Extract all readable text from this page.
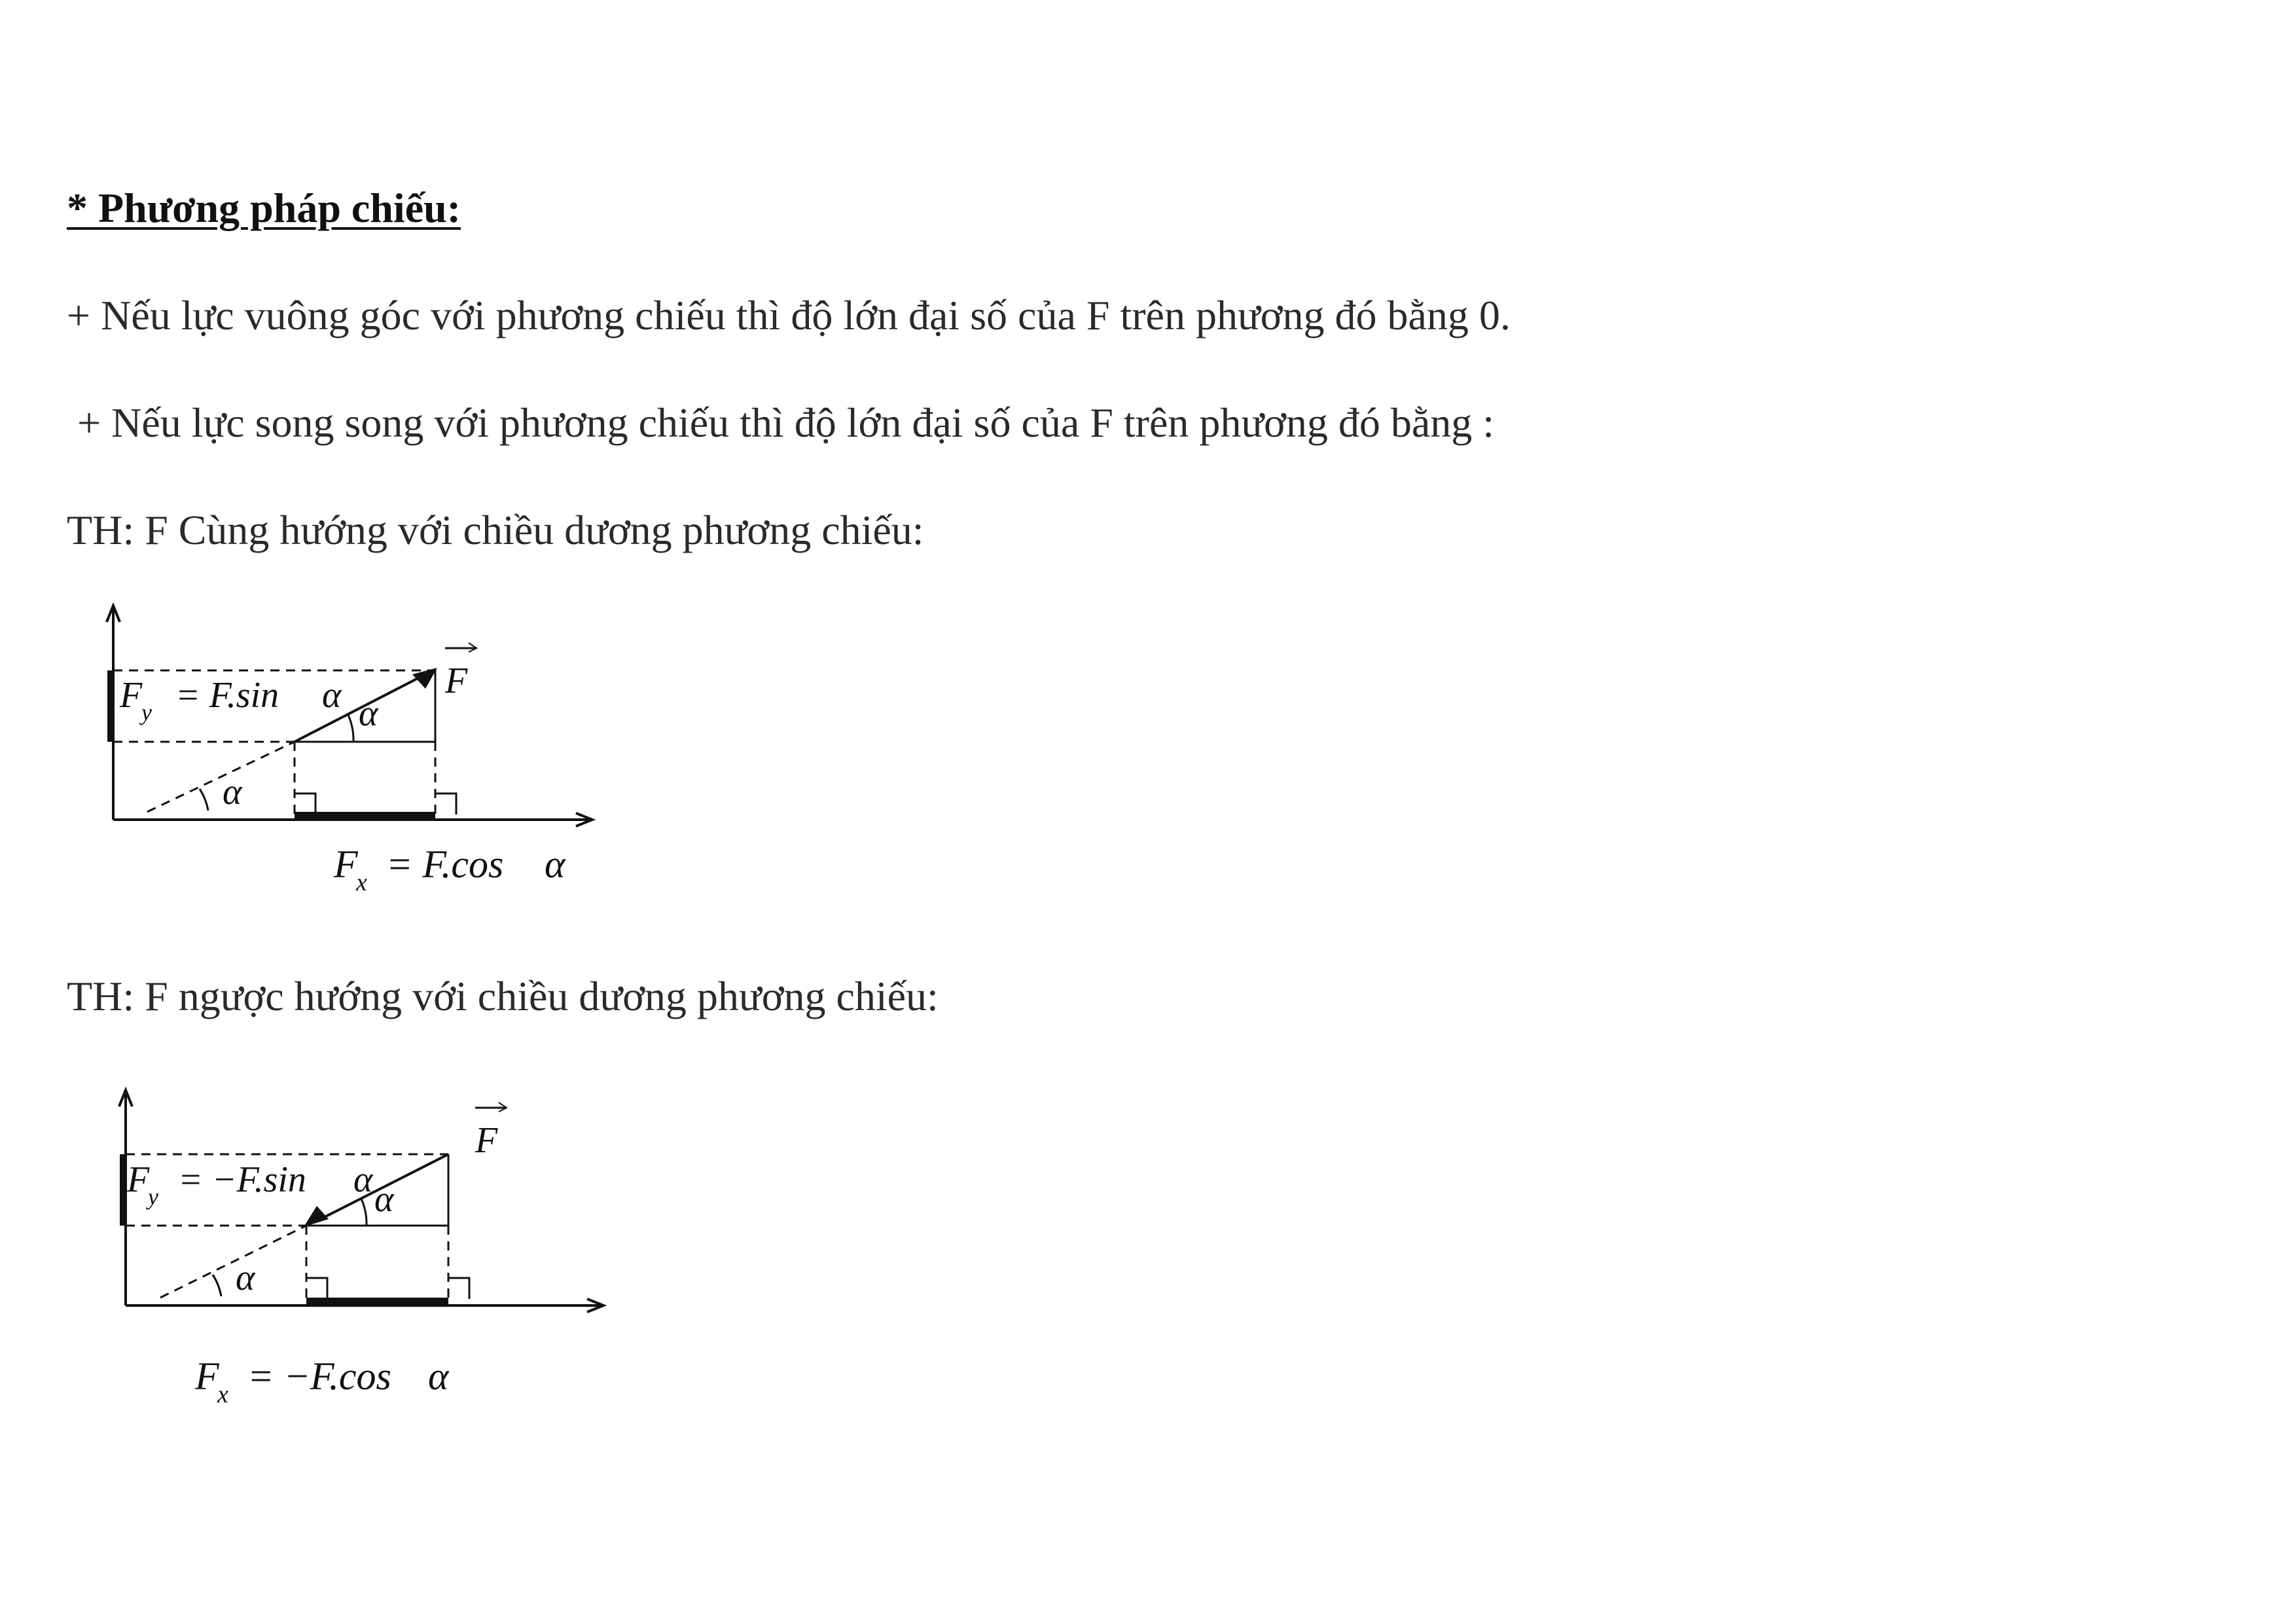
* Phương pháp chiếu:
+ Nếu lực vuông góc với phương chiếu thì độ lớn đại số của F trên phương đó bằng 0.
+ Nếu lực song song với phương chiếu thì độ lớn đại số của F trên phương đó bằng :
TH: F Cùng hướng với chiều dương phương chiếu:
TH: F ngược hướng với chiều dương phương chiếu:
F
F
y = F.sin α α
α
F
x = F.cos α
F
F
y = −F.sin α α
α
F
x = −F.cos α
